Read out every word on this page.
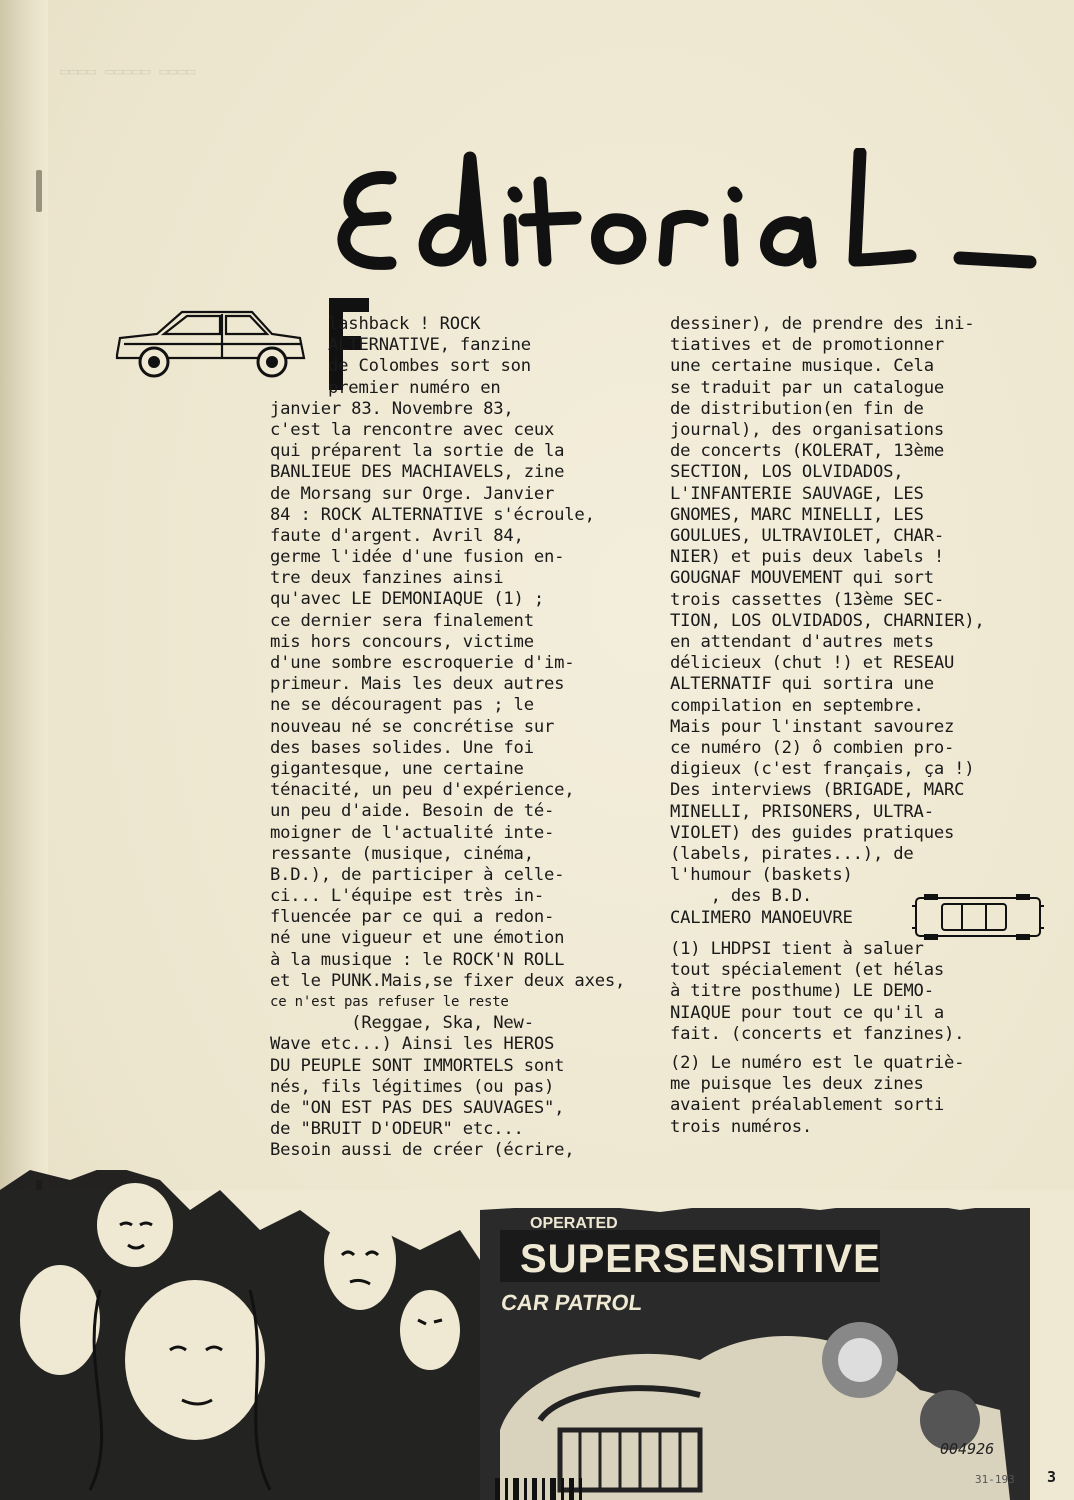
▭▭▭▭ ▭▭▭▭▭ ▭▭▭▭
lashback ! ROCK
ALTERNATIVE, fanzine
de Colombes sort son
premier numéro en
janvier 83. Novembre 83,
c'est la rencontre avec ceux
qui préparent la sortie de la
BANLIEUE DES MACHIAVELS, zine
de Morsang sur Orge. Janvier
84 : ROCK ALTERNATIVE s'écroule,
faute d'argent. Avril 84,
germe l'idée d'une fusion en-
tre deux fanzines ainsi
qu'avec LE DEMONIAQUE (1) ;
ce dernier sera finalement
mis hors concours, victime
d'une sombre escroquerie d'im-
primeur. Mais les deux autres
ne se découragent pas ; le
nouveau né se concrétise sur
des bases solides. Une foi
gigantesque, une certaine
ténacité, un peu d'expérience,
un peu d'aide. Besoin de té-
moigner de l'actualité inte-
ressante (musique, cinéma,
B.D.), de participer à celle-
ci... L'équipe est très in-
fluencée par ce qui a redon-
né une vigueur et une émotion
à la musique : le ROCK'N ROLL
et le PUNK.Mais,se fixer deux axes,
ce n'est pas refuser le reste
(Reggae, Ska, New-
Wave etc...) Ainsi les HEROS
DU PEUPLE SONT IMMORTELS sont
nés, fils légitimes (ou pas)
de "ON EST PAS DES SAUVAGES",
de "BRUIT D'ODEUR" etc...
Besoin aussi de créer (écrire,
dessiner), de prendre des ini-
tiatives et de promotionner
une certaine musique. Cela
se traduit par un catalogue
de distribution(en fin de
journal), des organisations
de concerts (KOLERAT, 13ème
SECTION, LOS OLVIDADOS,
L'INFANTERIE SAUVAGE, LES
GNOMES, MARC MINELLI, LES
GOULUES, ULTRAVIOLET, CHAR-
NIER) et puis deux labels !
GOUGNAF MOUVEMENT qui sort
trois cassettes (13ème SEC-
TION, LOS OLVIDADOS, CHARNIER),
en attendant d'autres mets
délicieux (chut !) et RESEAU
ALTERNATIF qui sortira une
compilation en septembre.
Mais pour l'instant savourez
ce numéro (2) ô combien pro-
digieux (c'est français, ça !)
Des interviews (BRIGADE, MARC
MINELLI, PRISONERS, ULTRA-
VIOLET) des guides pratiques
(labels, pirates...), de
l'humour (baskets)
, des B.D.
CALIMERO MANOEUVRE
(1) LHDPSI tient à saluer
tout spécialement (et hélas
à titre posthume) LE DEMO-
NIAQUE pour tout ce qu'il a
fait. (concerts et fanzines).
(2) Le numéro est le quatriè-
me puisque les deux zines
avaient préalablement sorti
trois numéros.
SUPERSENSITIVE
OPERATED
CAR PATROL
004926
31-193 3
